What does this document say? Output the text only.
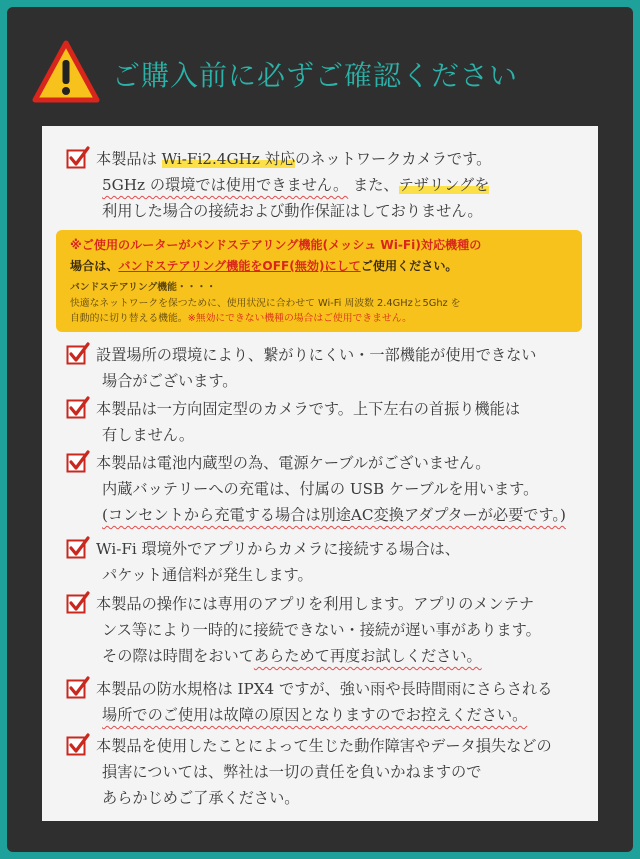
ご購入前に必ずご確認ください
本製品は Wi-Fi2.4GHz 対応のネットワークカメラです。
5GHz の環境では使用できません。 また、テザリングを
利用した場合の接続および動作保証はしておりません。
設置場所の環境により、繋がりにくい・一部機能が使用できない
場合がございます。
本製品は一方向固定型のカメラです。上下左右の首振り機能は
有しません。
本製品は電池内蔵型の為、電源ケーブルがございません。
内蔵バッテリーへの充電は、付属の USB ケーブルを用います。
(コンセントから充電する場合は別途AC変換アダプターが必要です。)
Wi-Fi 環境外でアプリからカメラに接続する場合は、
パケット通信料が発生します。
本製品の操作には専用のアプリを利用します。アプリのメンテナ
ンス等により一時的に接続できない・接続が遅い事があります。
その際は時間をおいてあらためて再度お試しください。
本製品の防水規格は IPX4 ですが、強い雨や長時間雨にさらされる
場所でのご使用は故障の原因となりますのでお控えください。
本製品を使用したことによって生じた動作障害やデータ損失などの
損害については、弊社は一切の責任を負いかねますので
あらかじめご了承ください。
※ご使用のルーターがバンドステアリング機能(メッシュ Wi-Fi)対応機種の
場合は、バンドステアリング機能をOFF(無効)にしてご使用ください。
バンドステアリング機能・・・・
快適なネットワークを保つために、使用状況に合わせて Wi-Fi 周波数 2.4GHzと5Ghz を
自動的に切り替える機能。※無効にできない機種の場合はご使用できません。
